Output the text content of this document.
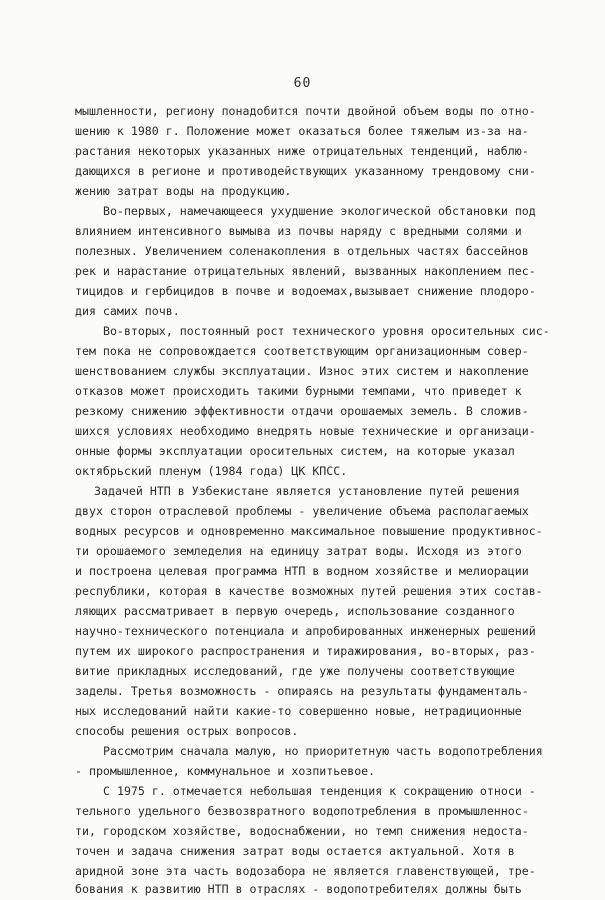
60
мышленности, региону понадобится почти двойной объем воды по отно-
шению к 1980 г. Положение может оказаться более тяжелым из-за на-
растания некоторых указанных ниже отрицательных тенденций, наблю-
дающихся в регионе и противодействующих указанному трендовому сни-
жению затрат воды на продукцию.
Во-первых, намечающееся ухудшение экологической обстановки под
влиянием интенсивного вымыва из почвы наряду с вредными солями и
полезных. Увеличением соленакопления в отдельных частях бассейнов
рек и нарастание отрицательных явлений, вызванных накоплением пес-
тицидов и гербицидов в почве и водоемах,вызывает снижение плодоро-
дия самих почв.
Во-вторых, постоянный рост технического уровня оросительных сис-
тем пока не сопровождается соответствующим организационным совер-
шенствованием службы эксплуатации. Износ этих систем и накопление
отказов может происходить такими бурными темпами, что приведет к
резкому снижению эффективности отдачи орошаемых земель. В сложив-
шихся условиях необходимо внедрять новые технические и организаци-
онные формы эксплуатации оросительных систем, на которые указал
октябрьский пленум (1984 года) ЦК КПСС.
Задачей НТП в Узбекистане является установление путей решения
двух сторон отраслевой проблемы - увеличение объема располагаемых
водных ресурсов и одновременно максимальное повышение продуктивнос-
ти орошаемого земледелия на единицу затрат воды. Исходя из этого
и построена целевая программа НТП в водном хозяйстве и мелиорации
республики, которая в качестве возможных путей решения этих состав-
ляющих рассматривает в первую очередь, использование созданного
научно-технического потенциала и апробированных инженерных решений
путем их широкого распространения и тиражирования, во-вторых, раз-
витие прикладных исследований, где уже получены соответствующие
заделы. Третья возможность - опираясь на результаты фундаменталь-
ных исследований найти какие-то совершенно новые, нетрадиционные
способы решения острых вопросов.
Рассмотрим сначала малую, но приоритетную часть водопотребления
- промышленное, коммунальное и хозпитьевое.
С 1975 г. отмечается небольшая тенденция к сокращению относи -
тельного удельного безвозвратного водопотребления в промышленнос-
ти, городском хозяйстве, водоснабжении, но темп снижения недоста-
точен и задача снижения затрат воды остается актуальной. Хотя в
аридной зоне эта часть водозабора не является главенствующей, тре-
бования к развитию НТП в отраслях - водопотребителях должны быть
